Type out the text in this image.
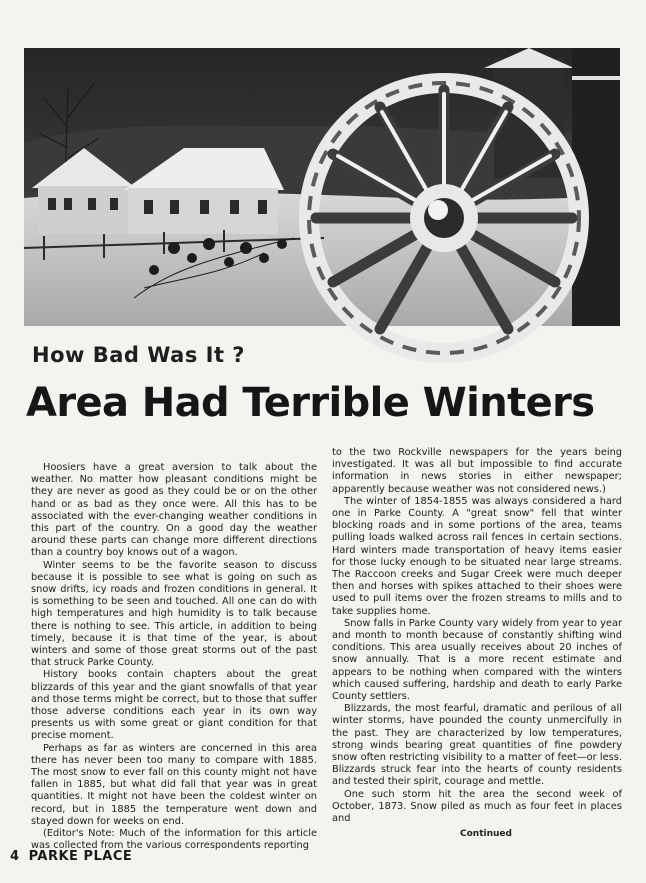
How Bad Was It ?
Area Had Terrible Winters

Hoosiers have a great aversion to talk about the weather. No matter how pleasant conditions might be they are never as good as they could be or on the other hand or as bad as they once were. All this has to be associated with the ever-changing weather conditions in this part of the country. On a good day the weather around these parts can change more different directions than a country boy knows out of a wagon.

Winter seems to be the favorite season to discuss because it is possible to see what is going on such as snow drifts, icy roads and frozen conditions in general. It is something to be seen and touched. All one can do with high temperatures and high humidity is to talk because there is nothing to see. This article, in addition to being timely, because it is that time of the year, is about winters and some of those great storms out of the past that struck Parke County.

History books contain chapters about the great blizzards of this year and the giant snowfalls of that year and those terms might be correct, but to those that suffer those adverse conditions each year in its own way presents us with some great or giant condition for that precise moment.

Perhaps as far as winters are concerned in this area there has never been too many to compare with 1885. The most snow to ever fall on this county might not have fallen in 1885, but what did fall that year was in great quantities. It might not have been the coldest winter on record, but in 1885 the temperature went down and stayed down for weeks on end.

(Editor's Note: Much of the information for this article was collected from the various correspondents reporting

to the two Rockville newspapers for the years being investigated. It was all but impossible to find accurate information in news stories in either newspaper; apparently because weather was not considered news.)

The winter of 1854-1855 was always considered a hard one in Parke County. A "great snow" fell that winter blocking roads and in some portions of the area, teams pulling loads walked across rail fences in certain sections. Hard winters made transportation of heavy items easier for those lucky enough to be situated near large streams. The Raccoon creeks and Sugar Creek were much deeper then and horses with spikes attached to their shoes were used to pull items over the frozen streams to mills and to take supplies home.

Snow falls in Parke County vary widely from year to year and month to month because of constantly shifting wind conditions. This area usually receives about 20 inches of snow annually. That is a more recent estimate and appears to be nothing when compared with the winters which caused suffering, hardship and death to early Parke County settlers.

Blizzards, the most fearful, dramatic and perilous of all winter storms, have pounded the county unmercifully in the past. They are characterized by low temperatures, strong winds bearing great quantities of fine powdery snow often restricting visibility to a matter of feet—or less. Blizzards struck fear into the hearts of county residents and tested their spirit, courage and mettle.

One such storm hit the area the second week of October, 1873. Snow piled as much as four feet in places and

Continued
4 PARKE PLACE
